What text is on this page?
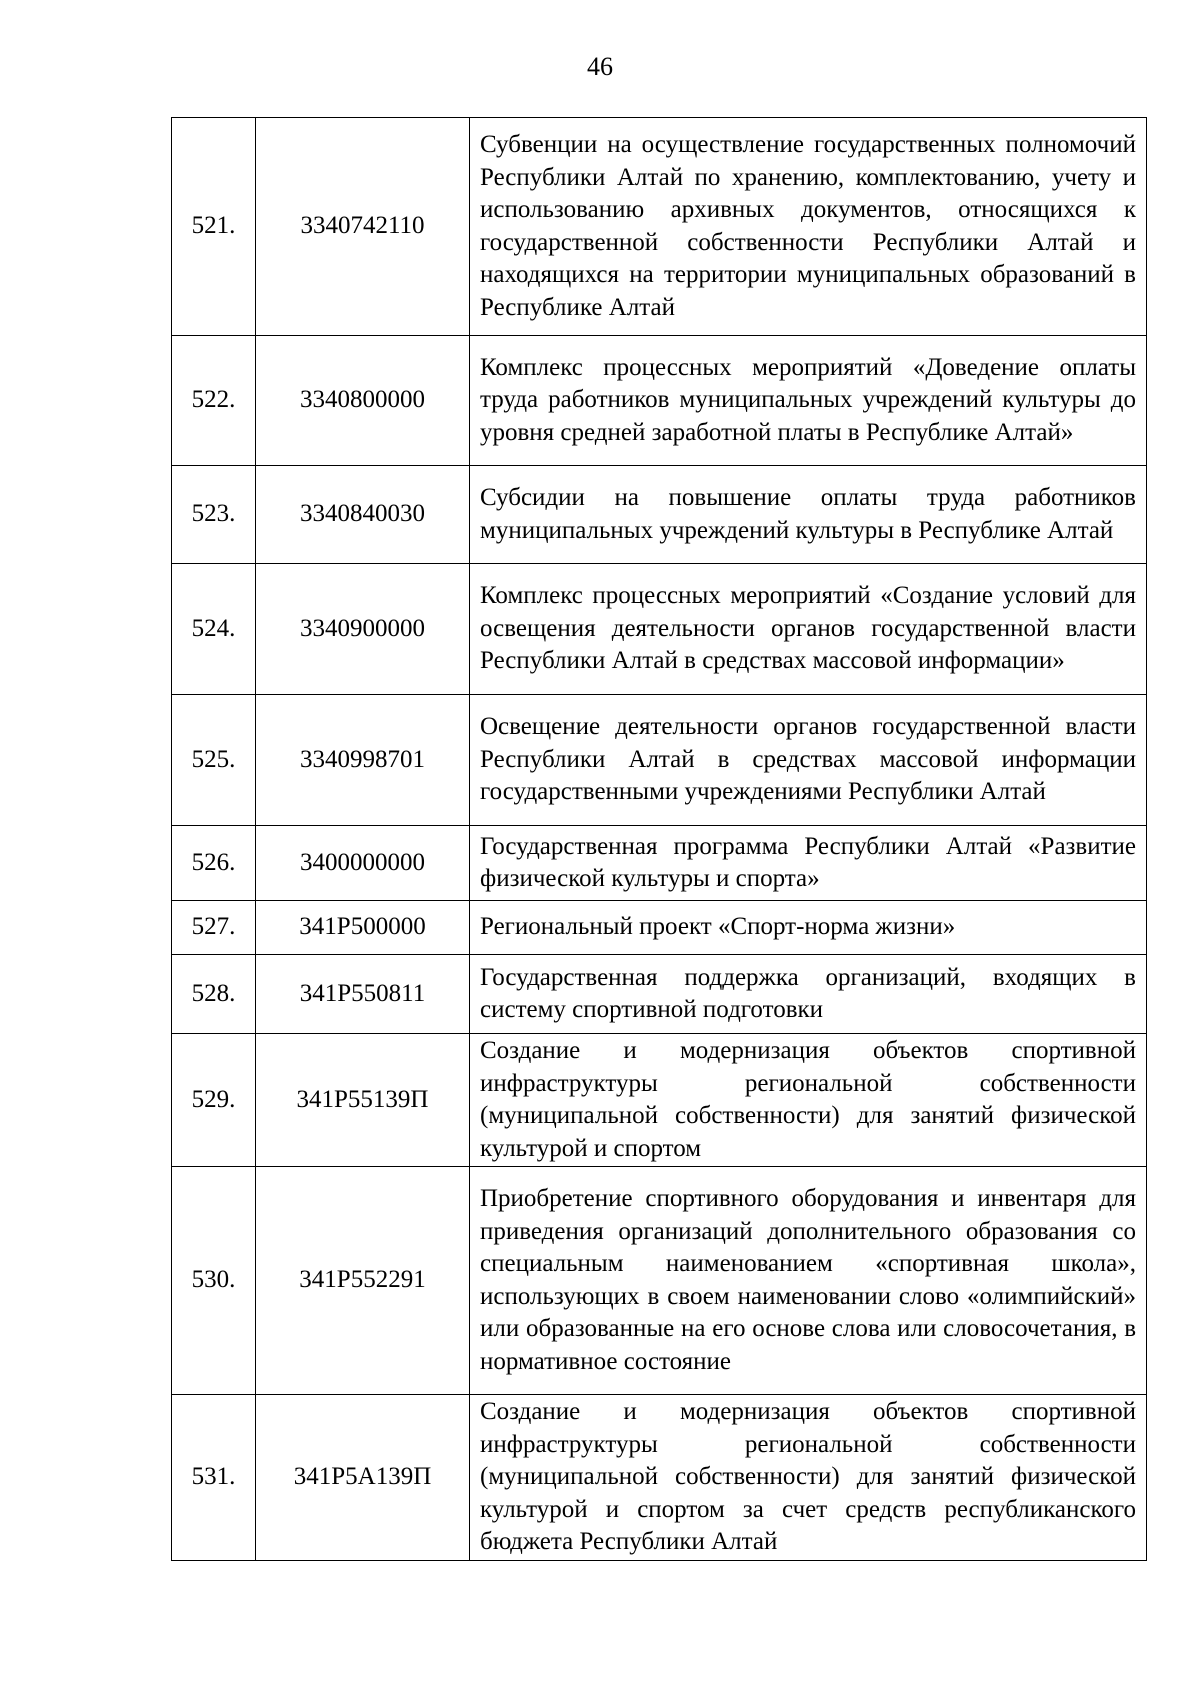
46
521.	3340742110	Субвенции на осуществление государственных полномочий Республики Алтай по хранению, комплектованию, учету и использованию архивных документов, относящихся к государственной собственности Республики Алтай и находящихся на территории муниципальных образований в Республике Алтай
522.	3340800000	Комплекс процессных мероприятий «Доведение оплаты труда работников муниципальных учреждений культуры до уровня средней заработной платы в Республике Алтай»
523.	3340840030	Субсидии на повышение оплаты труда работников муниципальных учреждений культуры в Республике Алтай
524.	3340900000	Комплекс процессных мероприятий «Создание условий для освещения деятельности органов государственной власти Республики Алтай в средствах массовой информации»
525.	3340998701	Освещение деятельности органов государственной власти Республики Алтай в средствах массовой информации государственными учреждениями Республики Алтай
526.	3400000000	Государственная программа Республики Алтай «Развитие физической культуры и спорта»
527.	341P500000	Региональный проект «Спорт-норма жизни»
528.	341P550811	Государственная поддержка организаций, входящих в систему спортивной подготовки
529.	341P55139П	Создание и модернизация объектов спортивной инфраструктуры региональной собственности (муниципальной собственности) для занятий физической культурой и спортом
530.	341P552291	Приобретение спортивного оборудования и инвентаря для приведения организаций дополнительного образования со специальным наименованием «спортивная школа», использующих в своем наименовании слово «олимпийский» или образованные на его основе слова или словосочетания, в нормативное состояние
531.	341P5A139П	Создание и модернизация объектов спортивной инфраструктуры региональной собственности (муниципальной собственности) для занятий физической культурой и спортом за счет средств республиканского бюджета Республики Алтай
